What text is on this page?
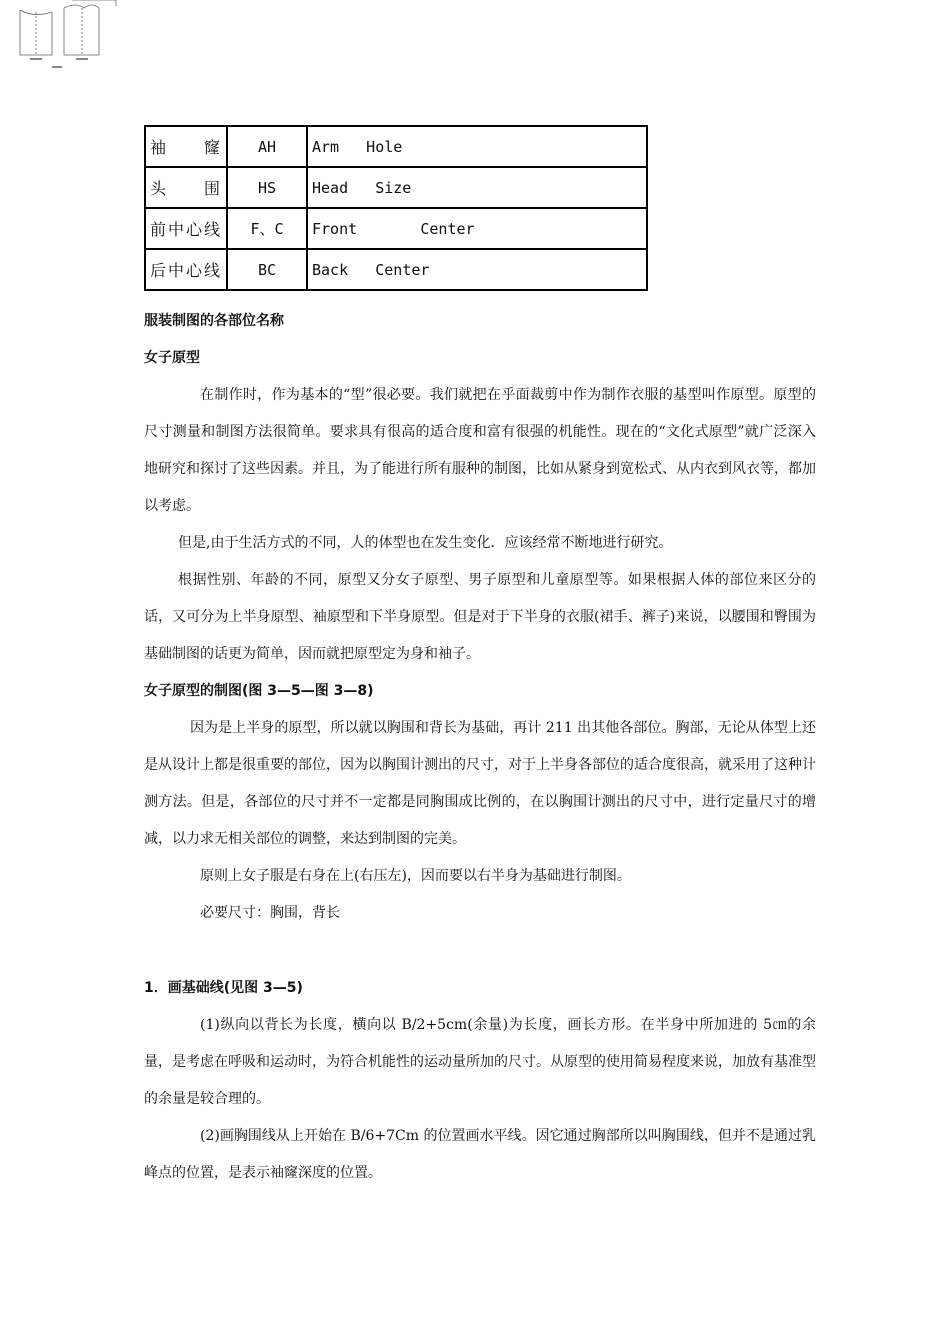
袖　窿	AH	Arm   Hole
头　围	HS	Head   Size
前中心线	F、C	Front       Center
后中心线	BC	Back   Center

服装制图的各部位名称

女子原型

在制作时，作为基本的“型”很必要。我们就把在乎面裁剪中作为制作衣服的基型叫作原型。原型的尺寸测量和制图方法很简单。要求具有很高的适合度和富有很强的机能性。现在的“文化式原型”就广泛深入地研究和探讨了这些因素。并且，为了能进行所有服种的制图，比如从紧身到宽松式、从内衣到风衣等，都加以考虑。

但是,由于生活方式的不同，人的体型也在发生变化．应该经常不断地进行研究。

根据性别、年龄的不同，原型又分女子原型、男子原型和儿童原型等。如果根据人体的部位来区分的话，又可分为上半身原型、袖原型和下半身原型。但是对于下半身的衣服(裙手、裤子)来说，以腰围和臀围为基础制图的话更为简单，因而就把原型定为身和袖子。

女子原型的制图(图 3—5—图 3—8)

因为是上半身的原型，所以就以胸围和背长为基础，再计 211 出其他各部位。胸部，无论从体型上还是从设计上都是很重要的部位，因为以胸围计测出的尺寸，对于上半身各部位的适合度很高，就采用了这种计测方法。但是，各部位的尺寸并不一定都是同胸围成比例的，在以胸围计测出的尺寸中，进行定量尺寸的增减，以力求无相关部位的调整，来达到制图的完美。

原则上女子服是右身在上(右压左)，因而要以右半身为基础进行制图。

必要尺寸：胸围，背长

1．画基础线(见图 3—5)

(1)纵向以背长为长度，横向以 B/2+5cm(余量)为长度，画长方形。在半身中所加进的 5㎝的余量，是考虑在呼吸和运动时，为符合机能性的运动量所加的尺寸。从原型的使用简易程度来说，加放有基准型的余量是较合理的。

(2)画胸围线从上开始在 B/6+7Cm 的位置画水平线。因它通过胸部所以叫胸围线，但并不是通过乳峰点的位置，是表示袖窿深度的位置。
